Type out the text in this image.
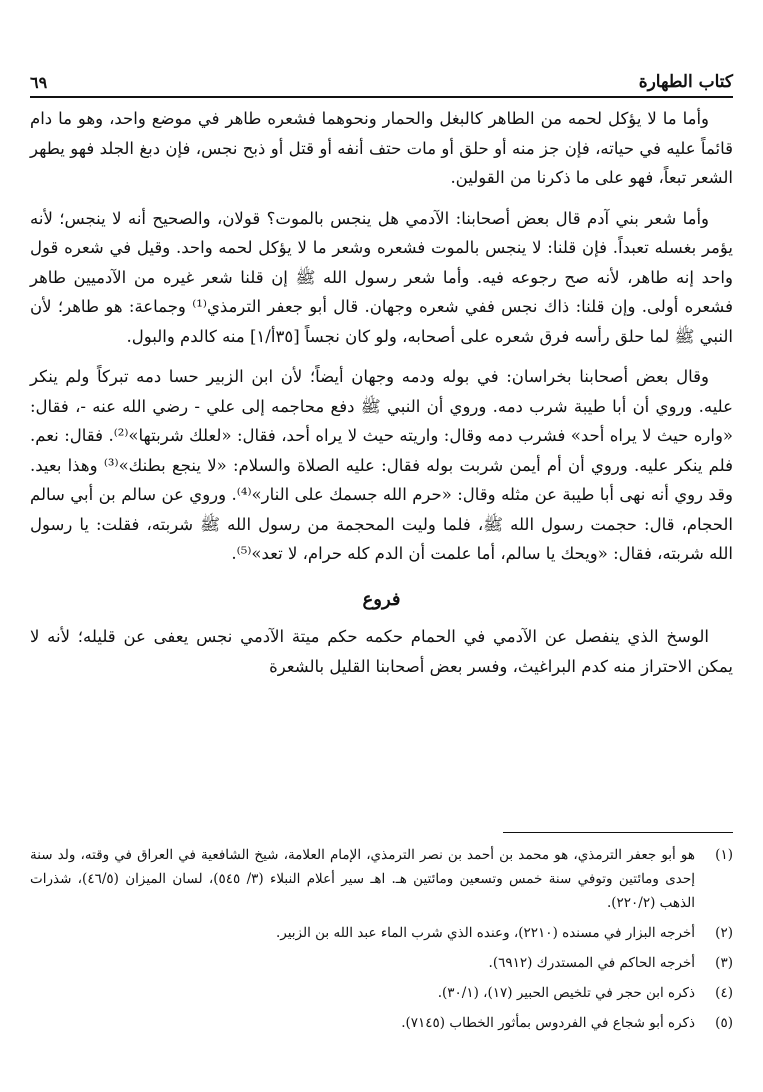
كتاب الطهارة
٦٩

وأما ما لا يؤكل لحمه من الطاهر كالبغل والحمار ونحوهما فشعره طاهر في موضع واحد، وهو ما دام قائماً عليه في حياته، فإن جز منه أو حلق أو مات حتف أنفه أو قتل أو ذبح نجس، فإن دبغ الجلد فهو يطهر الشعر تبعاً، فهو على ما ذكرنا من القولين.

وأما شعر بني آدم قال بعض أصحابنا: الآدمي هل ينجس بالموت؟ قولان، والصحيح أنه لا ينجس؛ لأنه يؤمر بغسله تعبداً. فإن قلنا: لا ينجس بالموت فشعره وشعر ما لا يؤكل لحمه واحد. وقيل في شعره قول واحد إنه طاهر، لأنه صح رجوعه فيه. وأما شعر رسول الله ﷺ إن قلنا شعر غيره من الآدميين طاهر فشعره أولى. وإن قلنا: ذاك نجس ففي شعره وجهان. قال أبو جعفر الترمذي⁽¹⁾ وجماعة: هو طاهر؛ لأن النبي ﷺ لما حلق رأسه فرق شعره على أصحابه، ولو كان نجساً [٣٥أ/١] منه كالدم والبول.

وقال بعض أصحابنا بخراسان: في بوله ودمه وجهان أيضاً؛ لأن ابن الزبير حسا دمه تبركاً ولم ينكر عليه. وروي أن أبا طيبة شرب دمه. وروي أن النبي ﷺ دفع محاجمه إلى علي - رضي الله عنه -، فقال: «واره حيث لا يراه أحد» فشرب دمه وقال: واريته حيث لا يراه أحد، فقال: «لعلك شربتها»⁽²⁾. فقال: نعم. فلم ينكر عليه. وروي أن أم أيمن شربت بوله فقال: عليه الصلاة والسلام: «لا ينجع بطنك»⁽³⁾ وهذا بعيد. وقد روي أنه نهى أبا طيبة عن مثله وقال: «حرم الله جسمك على النار»⁽⁴⁾. وروي عن سالم بن أبي سالم الحجام، قال: حجمت رسول الله ﷺ، فلما وليت المحجمة من رسول الله ﷺ شربته، فقلت: يا رسول الله شربته، فقال: «ويحك يا سالم، أما علمت أن الدم كله حرام، لا تعد»⁽⁵⁾.

فروع

الوسخ الذي ينفصل عن الآدمي في الحمام حكمه حكم ميتة الآدمي نجس يعفى عن قليله؛ لأنه لا يمكن الاحتراز منه كدم البراغيث، وفسر بعض أصحابنا القليل بالشعرة

(١)
هو أبو جعفر الترمذي، هو محمد بن أحمد بن نصر الترمذي، الإمام العلامة، شيخ الشافعية في العراق في وقته، ولد سنة إحدى ومائتين وتوفي سنة خمس وتسعين ومائتين هـ. اهـ سير أعلام النبلاء (٣/ ٥٤٥)، لسان الميزان (٤٦/٥)، شذرات الذهب (٢٢٠/٢).
(٢)
أخرجه البزار في مسنده (٢٢١٠)، وعنده الذي شرب الماء عبد الله بن الزبير.
(٣)
أخرجه الحاكم في المستدرك (٦٩١٢).
(٤)
ذكره ابن حجر في تلخيص الحبير (١٧)، (٣٠/١).
(٥)
ذكره أبو شجاع في الفردوس بمأثور الخطاب (٧١٤٥).
